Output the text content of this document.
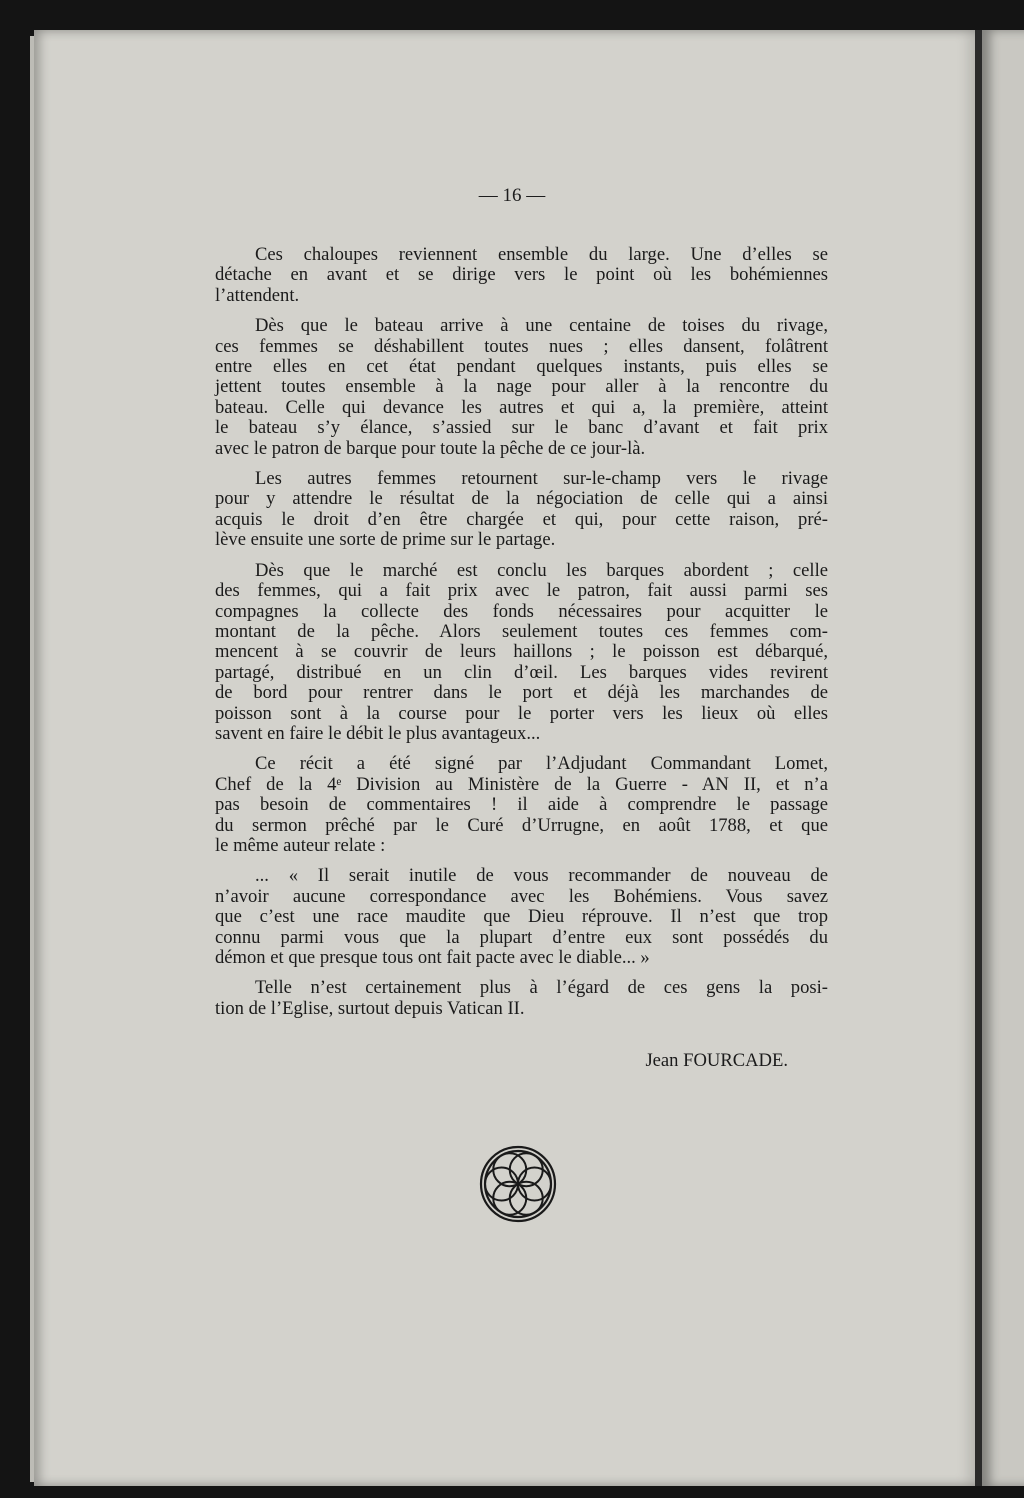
— 16 —
Ces chaloupes reviennent ensemble du large. Une d’elles se
détache en avant et se dirige vers le point où les bohémiennes
l’attendent.
Dès que le bateau arrive à une centaine de toises du rivage,
ces femmes se déshabillent toutes nues ; elles dansent, folâtrent
entre elles en cet état pendant quelques instants, puis elles se
jettent toutes ensemble à la nage pour aller à la rencontre du
bateau. Celle qui devance les autres et qui a, la première, atteint
le bateau s’y élance, s’assied sur le banc d’avant et fait prix
avec le patron de barque pour toute la pêche de ce jour-là.
Les autres femmes retournent sur-le-champ vers le rivage
pour y attendre le résultat de la négociation de celle qui a ainsi
acquis le droit d’en être chargée et qui, pour cette raison, pré-
lève ensuite une sorte de prime sur le partage.
Dès que le marché est conclu les barques abordent ; celle
des femmes, qui a fait prix avec le patron, fait aussi parmi ses
compagnes la collecte des fonds nécessaires pour acquitter le
montant de la pêche. Alors seulement toutes ces femmes com-
mencent à se couvrir de leurs haillons ; le poisson est débarqué,
partagé, distribué en un clin d’œil. Les barques vides revirent
de bord pour rentrer dans le port et déjà les marchandes de
poisson sont à la course pour le porter vers les lieux où elles
savent en faire le débit le plus avantageux...
Ce récit a été signé par l’Adjudant Commandant Lomet,
Chef de la 4ᵉ Division au Ministère de la Guerre - AN II, et n’a
pas besoin de commentaires ! il aide à comprendre le passage
du sermon prêché par le Curé d’Urrugne, en août 1788, et que
le même auteur relate :
... « Il serait inutile de vous recommander de nouveau de
n’avoir aucune correspondance avec les Bohémiens. Vous savez
que c’est une race maudite que Dieu réprouve. Il n’est que trop
connu parmi vous que la plupart d’entre eux sont possédés du
démon et que presque tous ont fait pacte avec le diable... »
Telle n’est certainement plus à l’égard de ces gens la posi-
tion de l’Eglise, surtout depuis Vatican II.
Jean FOURCADE.
